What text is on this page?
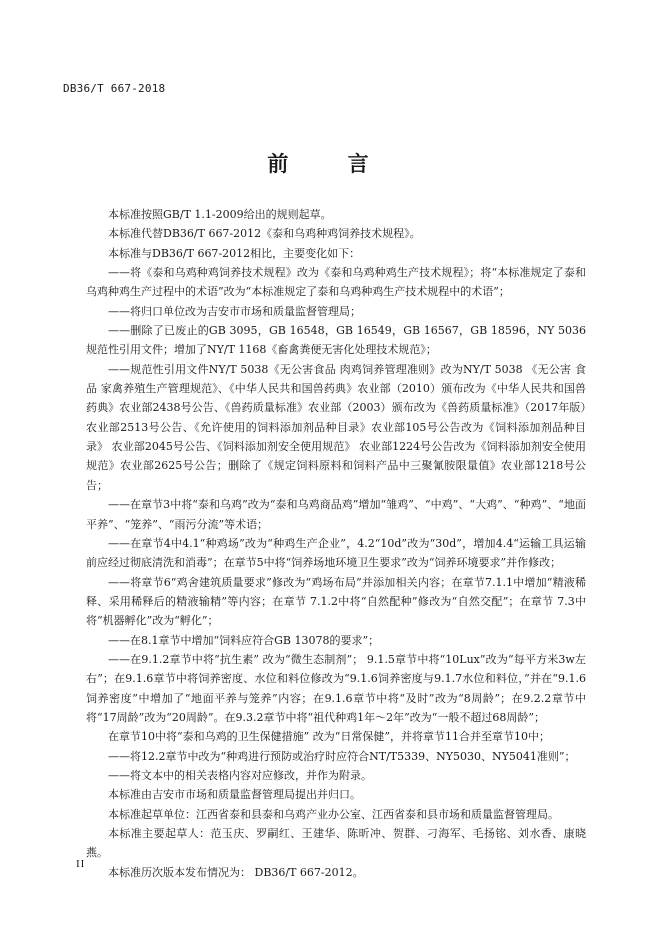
DB36/T 667-2018
前 言

本标准按照GB/T 1.1-2009给出的规则起草。

本标准代替DB36/T 667-2012《泰和乌鸡种鸡饲养技术规程》。

本标准与DB36/T 667-2012相比，主要变化如下：

——将《泰和乌鸡种鸡饲养技术规程》改为《泰和乌鸡种鸡生产技术规程》；将“本标准规定了泰和乌鸡种鸡生产过程中的术语”改为“本标准规定了泰和乌鸡种鸡生产技术规程中的术语”；

——将归口单位改为吉安市市场和质量监督管理局；

——删除了已废止的GB 3095，GB 16548，GB 16549，GB 16567，GB 18596，NY 5036规范性引用文件；增加了NY/T 1168《畜禽粪便无害化处理技术规范》；

——规范性引用文件NY/T 5038《无公害食品 肉鸡饲养管理准则》改为NY/T 5038 《无公害 食品 家禽养殖生产管理规范》、《中华人民共和国兽药典》农业部（2010）颁布改为《中华人民共和国兽药典》农业部2438号公告、《兽药质量标准》农业部（2003）颁布改为《兽药质量标准》（2017年版）农业部2513号公告、《允许使用的饲料添加剂品种目录》农业部105号公告改为《饲料添加剂品种目录》 农业部2045号公告、《饲料添加剂安全使用规范》 农业部1224号公告改为《饲料添加剂安全使用规范》农业部2625号公告；删除了《规定饲料原料和饲料产品中三聚氰胺限量值》农业部1218号公告；

——在章节3中将“泰和乌鸡”改为“泰和乌鸡商品鸡”增加“雏鸡”、“中鸡”、“大鸡”、“种鸡”、“地面平养”、“笼养”、“雨污分流”等术语；

——在章节4中4.1“种鸡场”改为“种鸡生产企业”，4.2“10d”改为“30d”，增加4.4“运输工具运输前应经过彻底清洗和消毒”；在章节5中将“饲养场地环境卫生要求”改为“饲养环境要求”并作修改；

——将章节6“鸡舍建筑质量要求”修改为“鸡场布局”并添加相关内容；在章节7.1.1中增加“精液稀释、采用稀释后的精液输精”等内容；在章节 7.1.2中将“自然配种”修改为“自然交配”；在章节 7.3中将“机器孵化”改为“孵化”；

——在8.1章节中增加“饲料应符合GB 13078的要求”；

——在9.1.2章节中将“抗生素” 改为“微生态制剂”； 9.1.5章节中将“10Lux”改为“每平方米3w左右”；在9.1.6章节中将饲养密度、水位和料位修改为“9.1.6饲养密度与9.1.7水位和料位，”并在“9.1.6饲养密度”中增加了“地面平养与笼养”内容；在9.1.6章节中将“及时”改为“8周龄”；在9.2.2章节中将“17周龄”改为“20周龄”。在9.3.2章节中将“祖代种鸡1年～2年”改为“一般不超过68周龄”；

在章节10中将“泰和乌鸡的卫生保健措施” 改为“日常保健”，并将章节11合并至章节10中；

——将12.2章节中改为“种鸡进行预防或治疗时应符合NT/T5339、NY5030、NY5041准则”；

——将文本中的相关表格内容对应修改，并作为附录。

本标准由吉安市市场和质量监督管理局提出并归口。

本标准起草单位：江西省泰和县泰和乌鸡产业办公室、江西省泰和县市场和质量监督管理局。

本标准主要起草人：范玉庆、罗嗣红、王建华、陈昕冲、贺群、刁海军、毛扬铭、刘水香、康晓燕。

本标准历次版本发布情况为： DB36/T 667-2012。

II
